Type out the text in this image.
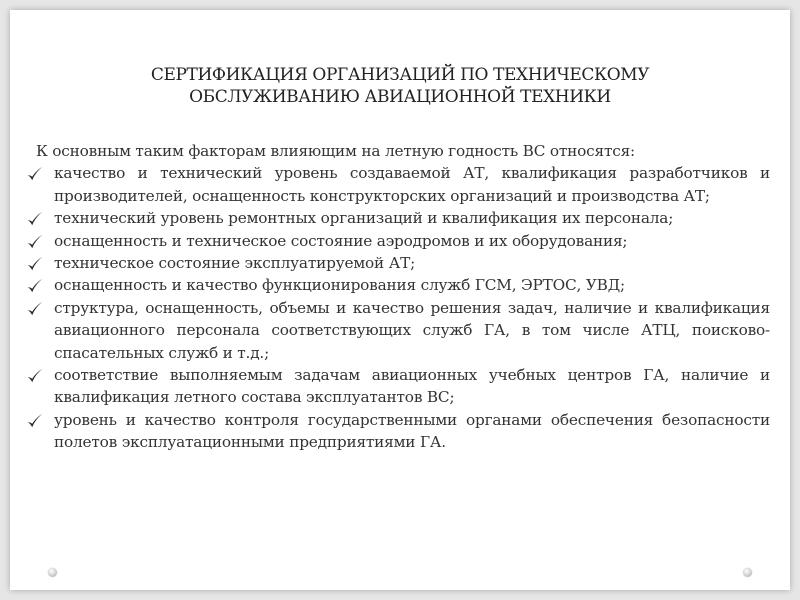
СЕРТИФИКАЦИЯ ОРГАНИЗАЦИЙ ПО ТЕХНИЧЕСКОМУ
ОБСЛУЖИВАНИЮ АВИАЦИОННОЙ ТЕХНИКИ

К основным таким факторам влияющим на летную годность ВС относятся:

качество и технический уровень создаваемой АТ, квалификация разработчиков и производителей, оснащенность конструкторских организаций и производства АТ;
технический уровень ремонтных организаций и квалификация их персонала;
оснащенность и техническое состояние аэродромов и их оборудования;
техническое состояние эксплуатируемой АТ;
оснащенность и качество функционирования служб ГСМ, ЭРТОС, УВД;
структура, оснащенность, объемы и качество решения задач, наличие и квалификация авиационного персонала соответствующих служб ГА, в том числе АТЦ, поисково-спасательных служб и т.д.;
соответствие выполняемым задачам авиационных учебных центров ГА, наличие и квалификация летного состава эксплуатантов ВС;
уровень и качество контроля государственными органами обеспечения безопасности полетов эксплуатационными предприятиями ГА.
